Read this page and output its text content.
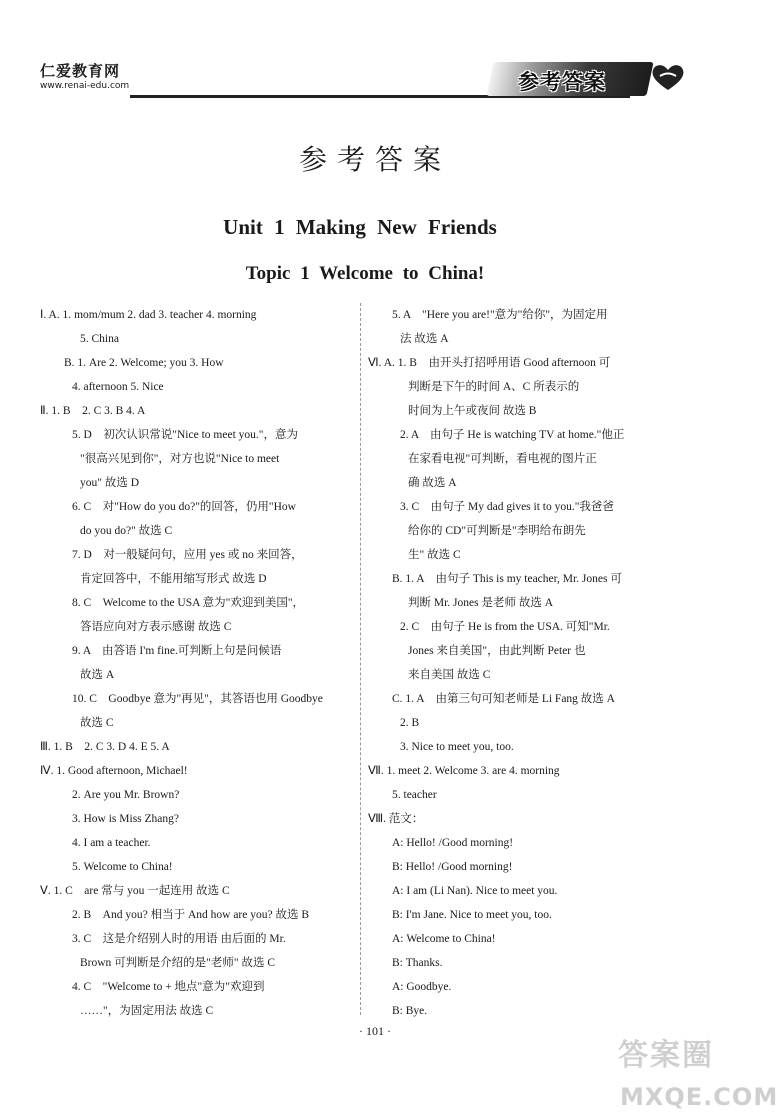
仁爱教育网
www.renai-edu.com	参考答案
参考答案
Unit 1 Making New Friends
Topic 1 Welcome to China!
Ⅰ. A. 1. mom/mum 2. dad 3. teacher 4. morning
5. China
B. 1. Are 2. Welcome; you 3. How
4. afternoon 5. Nice
Ⅱ. 1. B 2. C 3. B 4. A
5. D 初次认识常说"Nice to meet you."，意为
"很高兴见到你"，对方也说"Nice to meet
you" 故选 D
6. C 对"How do you do?"的回答，仍用"How
do you do?" 故选 C
7. D 对一般疑问句，应用 yes 或 no 来回答，
肯定回答中，不能用缩写形式 故选 D
8. C Welcome to the USA 意为"欢迎到美国"，
答语应向对方表示感谢 故选 C
9. A 由答语 I'm fine.可判断上句是问候语
故选 A
10. C Goodbye 意为"再见"，其答语也用 Goodbye
故选 C
Ⅲ. 1. B 2. C 3. D 4. E 5. A
Ⅳ. 1. Good afternoon, Michael!
2. Are you Mr. Brown?
3. How is Miss Zhang?
4. I am a teacher.
5. Welcome to China!
Ⅴ. 1. C are 常与 you 一起连用 故选 C
2. B And you? 相当于 And how are you? 故选 B
3. C 这是介绍别人时的用语 由后面的 Mr.
Brown 可判断是介绍的是"老师" 故选 C
4. C "Welcome to + 地点"意为"欢迎到
……"，为固定用法 故选 C
5. A "Here you are!"意为"给你"，为固定用
法 故选 A
Ⅵ. A. 1. B 由开头打招呼用语 Good afternoon 可
判断是下午的时间 A、C 所表示的
时间为上午或夜间 故选 B
2. A 由句子 He is watching TV at home."他正
在家看电视"可判断，看电视的图片正
确 故选 A
3. C 由句子 My dad gives it to you."我爸爸
给你的 CD"可判断是"李明给布朗先
生" 故选 C
B. 1. A 由句子 This is my teacher, Mr. Jones 可
判断 Mr. Jones 是老师 故选 A
2. C 由句子 He is from the USA. 可知"Mr.
Jones 来自美国"，由此判断 Peter 也
来自美国 故选 C
C. 1. A 由第三句可知老师是 Li Fang 故选 A
2. B
3. Nice to meet you, too.
Ⅶ. 1. meet 2. Welcome 3. are 4. morning
5. teacher
Ⅷ. 范文：
A: Hello! /Good morning!
B: Hello! /Good morning!
A: I am (Li Nan). Nice to meet you.
B: I'm Jane. Nice to meet you, too.
A: Welcome to China!
B: Thanks.
A: Goodbye.
B: Bye.
· 101 ·
答案圈
MXQE.COM
